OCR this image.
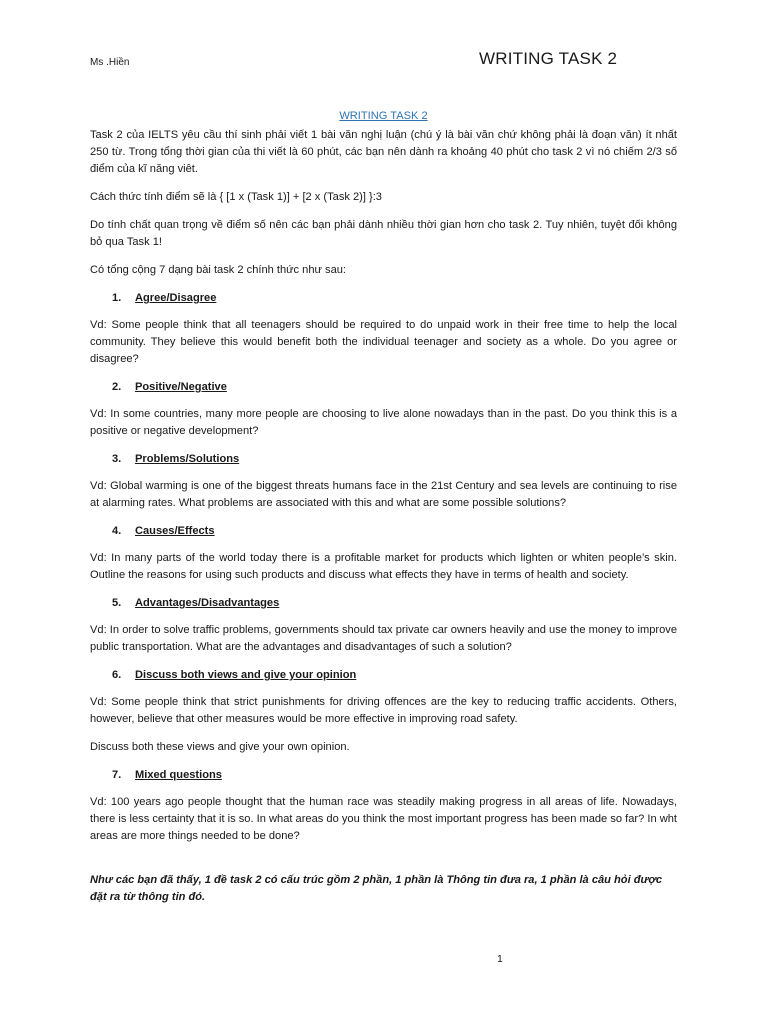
Ms .Hiền	WRITING TASK 2
WRITING TASK 2

Task 2 của IELTS yêu cầu thí sinh phải viết 1 bài văn nghị luận (chú ý là bài văn chứ không phải là đoạn văn) ít nhất 250 từ. Trong tổng thời gian của thi viết là 60 phút, các bạn nên dành ra khoảng 40 phút cho task 2 vì nó chiếm 2/3 số điểm của kĩ năng viêt.

Cách thức tính điểm sẽ là { [1 x (Task 1)] + [2 x (Task 2)] }:3

Do tính chất quan trọng về điểm số nên các bạn phải dành nhiều thời gian hơn cho task 2. Tuy nhiên, tuyệt đối không bỏ qua Task 1!

Có tổng cộng 7 dạng bài task 2 chính thức như sau:

1.	Agree/Disagree

Vd: Some people think that all teenagers should be required to do unpaid work in their free time to help the local community. They believe this would benefit both the individual teenager and society as a whole. Do you agree or disagree?

2.	Positive/Negative

Vd: In some countries, many more people are choosing to live alone nowadays than in the past. Do you think this is a positive or negative development?

3.	Problems/Solutions

Vd: Global warming is one of the biggest threats humans face in the 21st Century and sea levels are continuing to rise at alarming rates. What problems are associated with this and what are some possible solutions?

4.	Causes/Effects

Vd: In many parts of the world today there is a profitable market for products which lighten or whiten people’s skin. Outline the reasons for using such products and discuss what effects they have in terms of health and society.

5.	Advantages/Disadvantages

Vd: In order to solve traffic problems, governments should tax private car owners heavily and use the money to improve public transportation. What are the advantages and disadvantages of such a solution?

6.	Discuss both views and give your opinion

Vd: Some people think that strict punishments for driving offences are the key to reducing traffic accidents. Others, however, believe that other measures would be more effective in improving road safety.

Discuss both these views and give your own opinion.

7.	Mixed questions

Vd: 100 years ago people thought that the human race was steadily making progress in all areas of life. Nowadays, there is less certainty that it is so. In what areas do you think the most important progress has been made so far? In wht areas are more things needed to be done?

Như các bạn đã thấy, 1 đề task 2 có cấu trúc gồm 2 phần, 1 phần là Thông tin đưa ra, 1 phần là câu hỏi được đặt ra từ thông tin đó.

1
